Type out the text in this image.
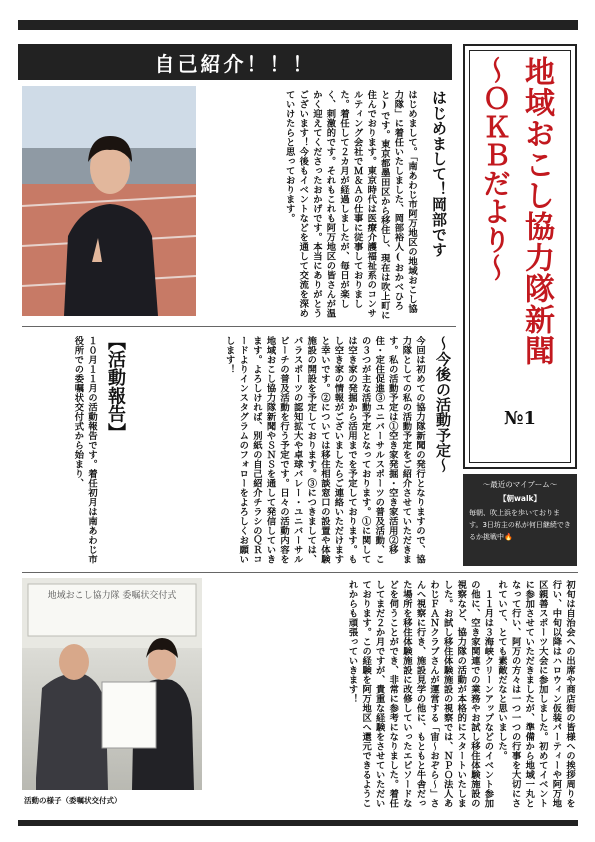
自己紹介！！！
はじめまして！岡部です
はじめまして。「南あわじ市阿万地区の地域おこし協力隊」に着任いたしました、岡部裕人(おかべひろと)です。東京都墨田区から移住し、現在は吹上町に住んでおります。東京時代は医療介護福祉系のコンサルティング会社でＭ＆Ａの仕事に従事しておりました。着任して２カ月が経過しましたが、毎日が楽しく、刺激的です。それもこれも阿万地区の皆さんが温かく迎えてくださったおかげです。本当にありがとうございます！今後もイベントなどを通して交流を深めていけたらと思っております。	地域おこし協力隊新聞
～ＯＫＢだより～
№1
～今後の活動予定～
今回は初めての協力隊新聞の発行となりますので、協力隊としての私の活動予定をご紹介させていただきます。私の活動予定は①空き家発掘・空き家活用②移住・定住促進③ユニバーサルスポーツの普及活動、この３つが主な活動予定となっております。①に関しては空き家の発掘から活用までを予定しております。もし空き家の情報がございましたらご連絡いただけますと幸いです。②については移住相談窓口の設置や体験施設の開設を予定しております。③につきましては、パラスポーツの認知拡大や卓球バレー・ユニバーサルビーチの普及活動を行う予定です。日々の活動内容を地域おこし協力隊新聞やＳＮＳを通して発信していきます。よろしければ、別紙の自己紹介チラシのＱＲコードよりインスタグラムのフォローをよろしくお願いします！
【活動報告】
１０月１１月の活動報告です。着任初月は南あわじ市役所での委嘱状交付式から始まり、	～最近のマイブーム～
【朝walk】
毎朝、吹上浜を歩いております。3日坊主の私が何日継続できるか挑戦中🔥
地域おこし協力隊 委嘱状交付式
活動の様子（委嘱状交付式）	初旬は自治会への出席や商店街の皆様への挨拶周りを行い、中旬以降はハロウィン仮装パーティーや阿万地区親善スポーツ大会に参加しました。初めてイベントに参加させていただきましたが、準備から地域一丸となって行い、阿万の方々は一つ一つの行事を大切にされていて、とても素敵だなと思いました。
　１１月は３海峡クリーンアップなどのイベント参加の他に、空き家関連での業務やお試し移住体験施設の視察など、協力隊の活動が本格的にスタートいたしました。お試し移住体験施設の視察では、ＮＰＯ法人あわじＦＡＮクラブさんが運営する「宙～おぞら～」さんへ視察に行き、施設見学の他に、もともと牛舎だった場所を移住体験施設に改修していったエピソードなどを伺うことができ、非常に参考になりました。着任してまだ２か月ですが、貴重な経験をさせていただいております。この経験を阿万地区へ還元できるようこれからも頑張っていきます！
